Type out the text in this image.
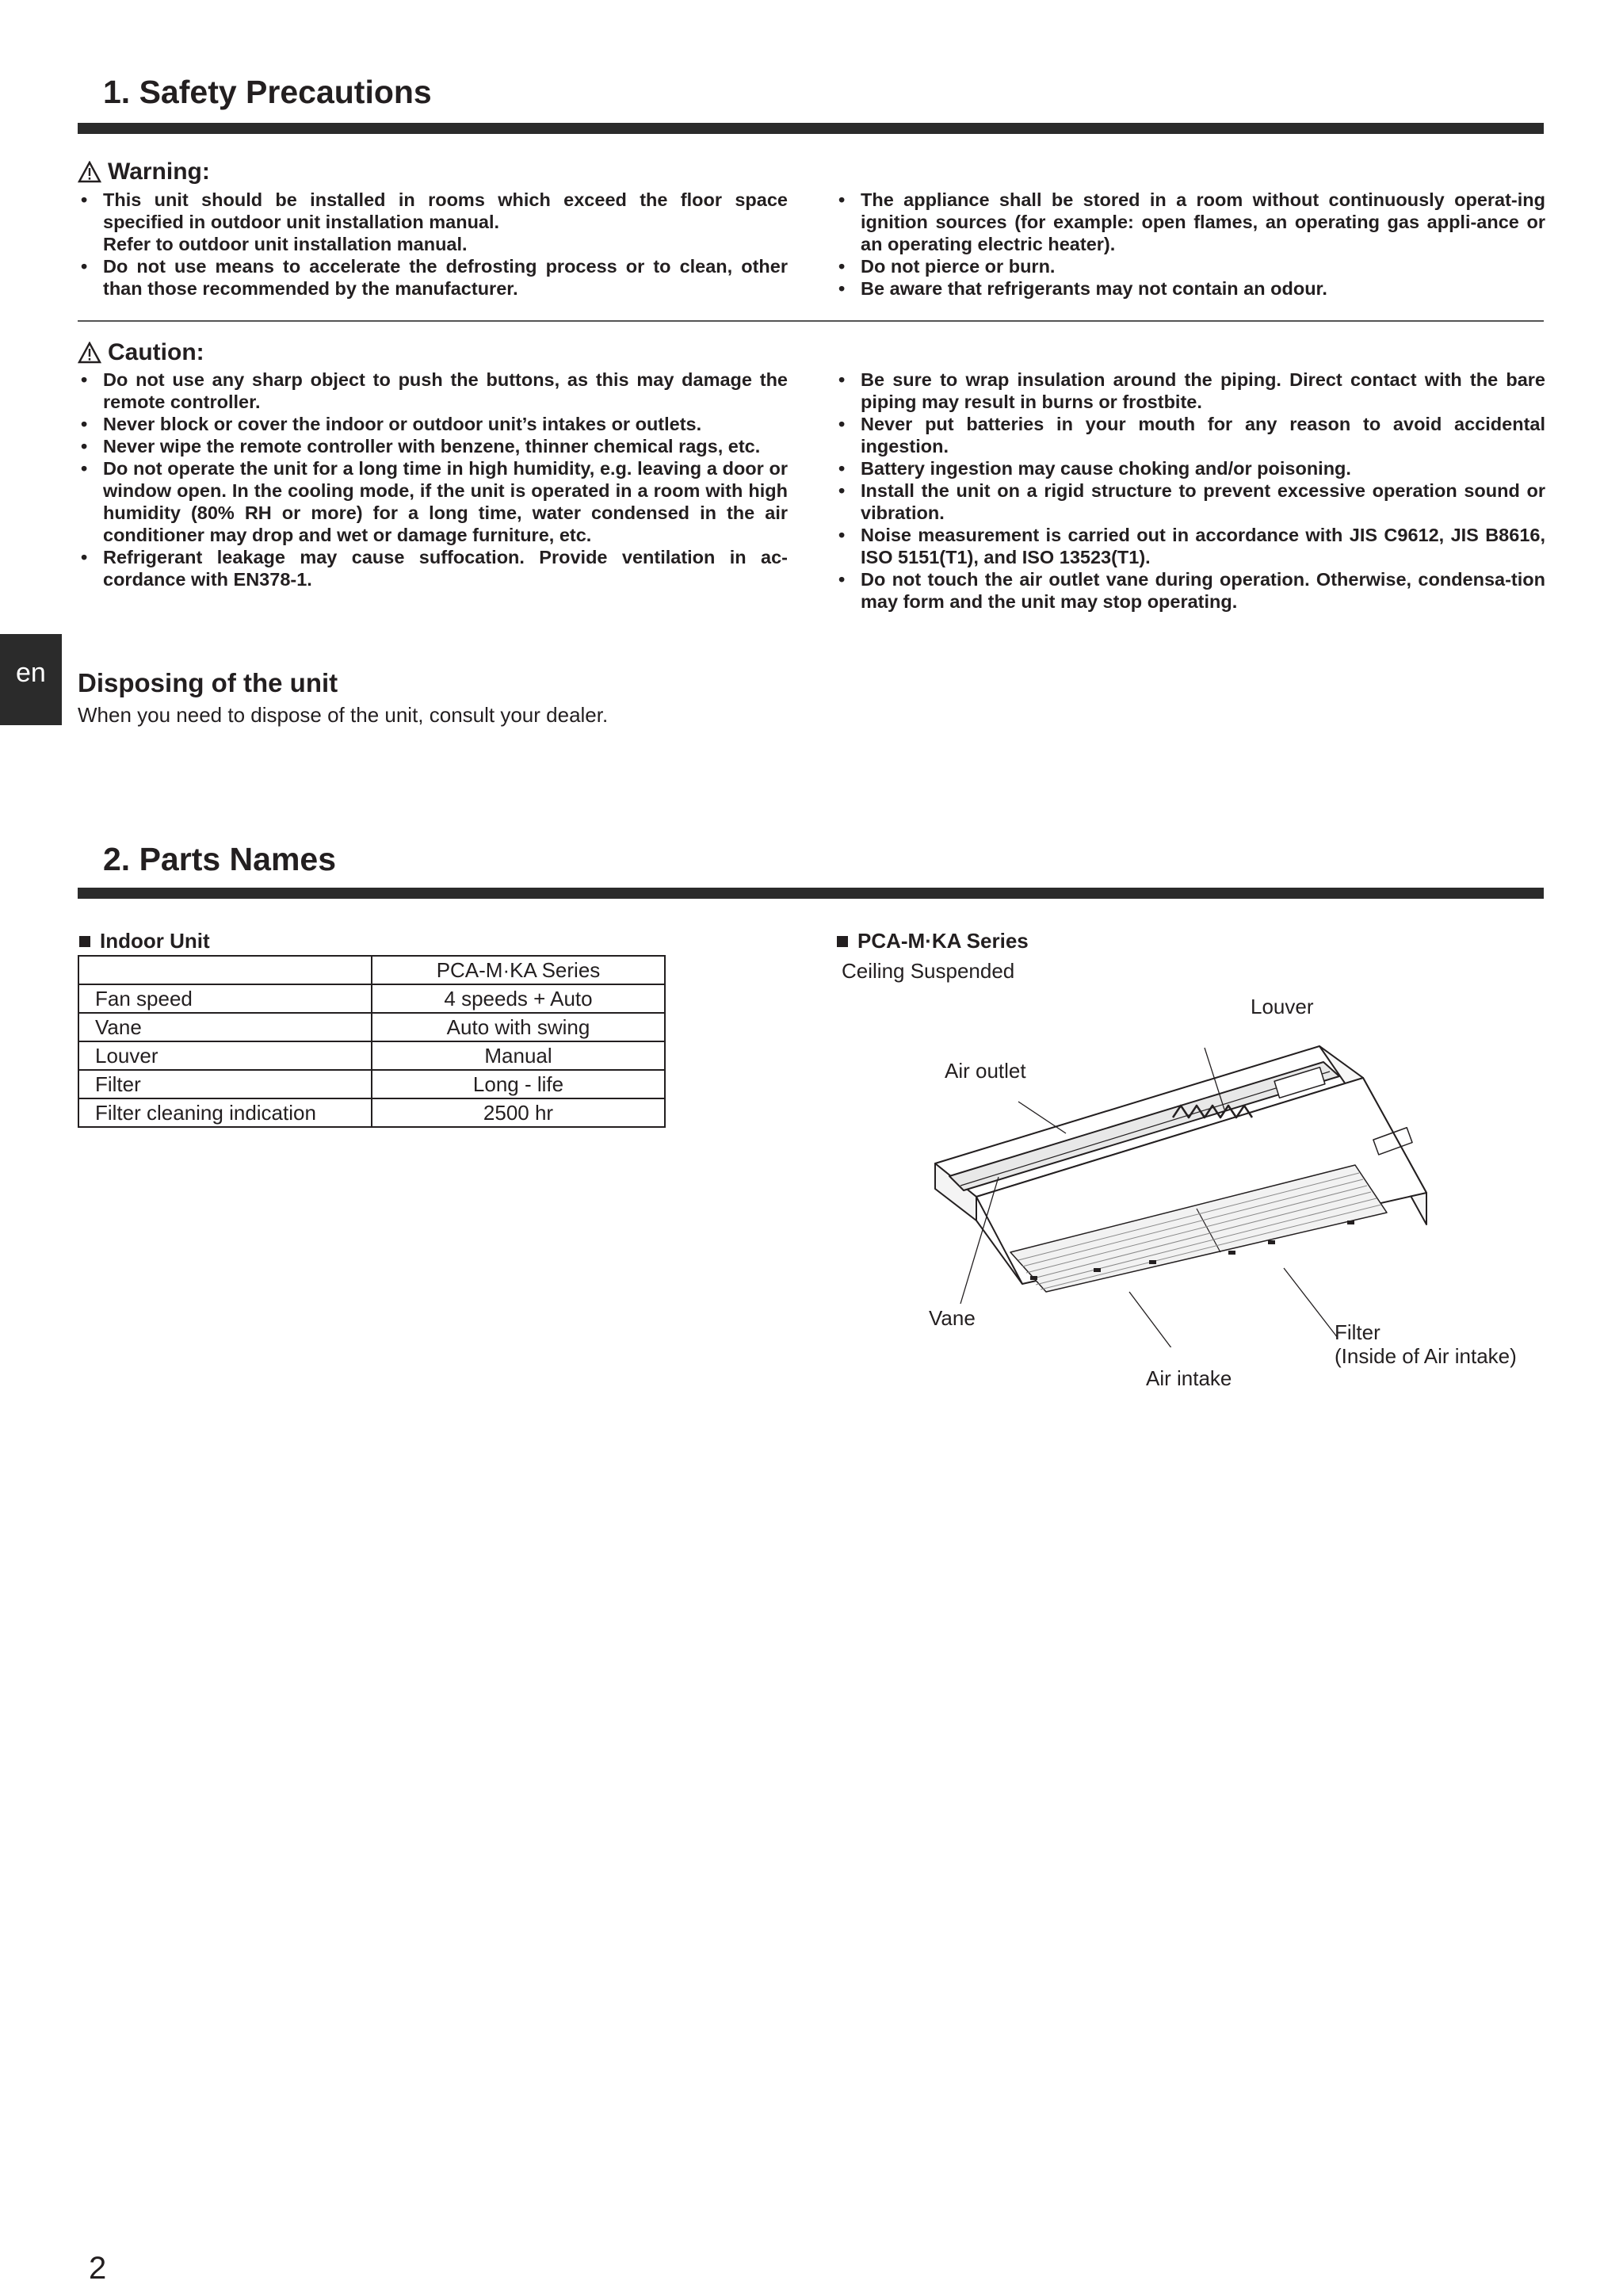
1. Safety Precautions
Warning:
• This unit should be installed in rooms which exceed the floor space specified in outdoor unit installation manual.
Refer to outdoor unit installation manual.
• Do not use means to accelerate the defrosting process or to clean, other than those recommended by the manufacturer.
• The appliance shall be stored in a room without continuously operat-ing ignition sources (for example: open flames, an operating gas appli-ance or an operating electric heater).
• Do not pierce or burn.
• Be aware that refrigerants may not contain an odour.
Caution:
• Do not use any sharp object to push the buttons, as this may damage the remote controller.
• Never block or cover the indoor or outdoor unit’s intakes or outlets.
• Never wipe the remote controller with benzene, thinner chemical rags, etc.
• Do not operate the unit for a long time in high humidity, e.g. leaving a door or window open. In the cooling mode, if the unit is operated in a room with high humidity (80% RH or more) for a long time, water condensed in the air conditioner may drop and wet or damage furniture, etc.
• Refrigerant leakage may cause suffocation. Provide ventilation in ac-cordance with EN378-1.
• Be sure to wrap insulation around the piping. Direct contact with the bare piping may result in burns or frostbite.
• Never put batteries in your mouth for any reason to avoid accidental ingestion.
• Battery ingestion may cause choking and/or poisoning.
• Install the unit on a rigid structure to prevent excessive operation sound or vibration.
• Noise measurement is carried out in accordance with JIS C9612, JIS B8616, ISO 5151(T1), and ISO 13523(T1).
• Do not touch the air outlet vane during operation. Otherwise, condensa-tion may form and the unit may stop operating.
en Disposing of the unit
When you need to dispose of the unit, consult your dealer.
2. Parts Names
Indoor Unit
	PCA-M·KA Series
Fan speed	4 speeds + Auto
Vane	Auto with swing
Louver	Manual
Filter	Long - life
Filter cleaning indication	2500 hr
PCA-M·KA Series
Ceiling Suspended
Louver
Air outlet
Vane
Air intake
Filter
(Inside of Air intake)
2
